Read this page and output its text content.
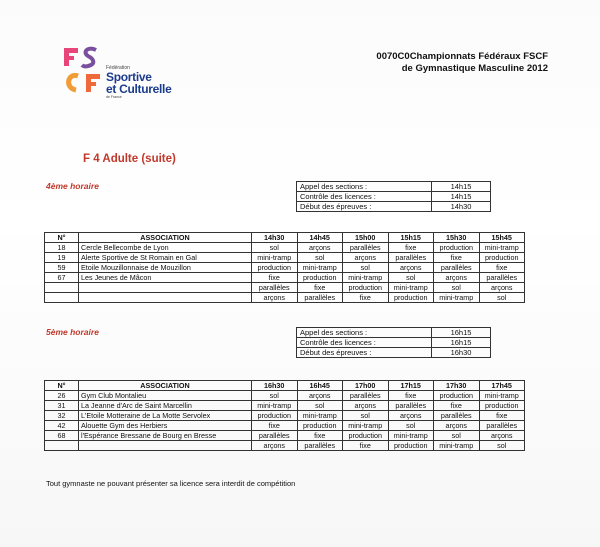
Fédération
Sportive
et Culturelle
de France
0070C0Championnats Fédéraux FSCF
de Gymnastique Masculine 2012
F 4 Adulte (suite)
4ème horaire	Appel des sections :	14h15
Contrôle des licences :	14h15
Début des épreuves :	14h30
N°	ASSOCIATION	14h30	14h45	15h00	15h15	15h30	15h45
18	Cercle Bellecombe de Lyon	sol	arçons	parallèles	fixe	production	mini-tramp
19	Alerte Sportive de St Romain en Gal	mini-tramp	sol	arçons	parallèles	fixe	production
59	Etoile Mouzillonnaise de Mouzillon	production	mini-tramp	sol	arçons	parallèles	fixe
67	Les Jeunes de Mâcon	fixe	production	mini-tramp	sol	arçons	parallèles
		parallèles	fixe	production	mini-tramp	sol	arçons
		arçons	parallèles	fixe	production	mini-tramp	sol
5ème horaire	Appel des sections :	16h15
Contrôle des licences :	16h15
Début des épreuves :	16h30
N°	ASSOCIATION	16h30	16h45	17h00	17h15	17h30	17h45
26	Gym Club Montalieu	sol	arçons	parallèles	fixe	production	mini-tramp
31	La Jeanne d'Arc de Saint Marcellin	mini-tramp	sol	arçons	parallèles	fixe	production
32	L'Etoile Motteraine de La Motte Servolex	production	mini-tramp	sol	arçons	parallèles	fixe
42	Alouette Gym des Herbiers	fixe	production	mini-tramp	sol	arçons	parallèles
68	l'Espérance Bressane de Bourg en Bresse	parallèles	fixe	production	mini-tramp	sol	arçons
		arçons	parallèles	fixe	production	mini-tramp	sol
Tout gymnaste ne pouvant présenter sa licence sera interdit de compétition
